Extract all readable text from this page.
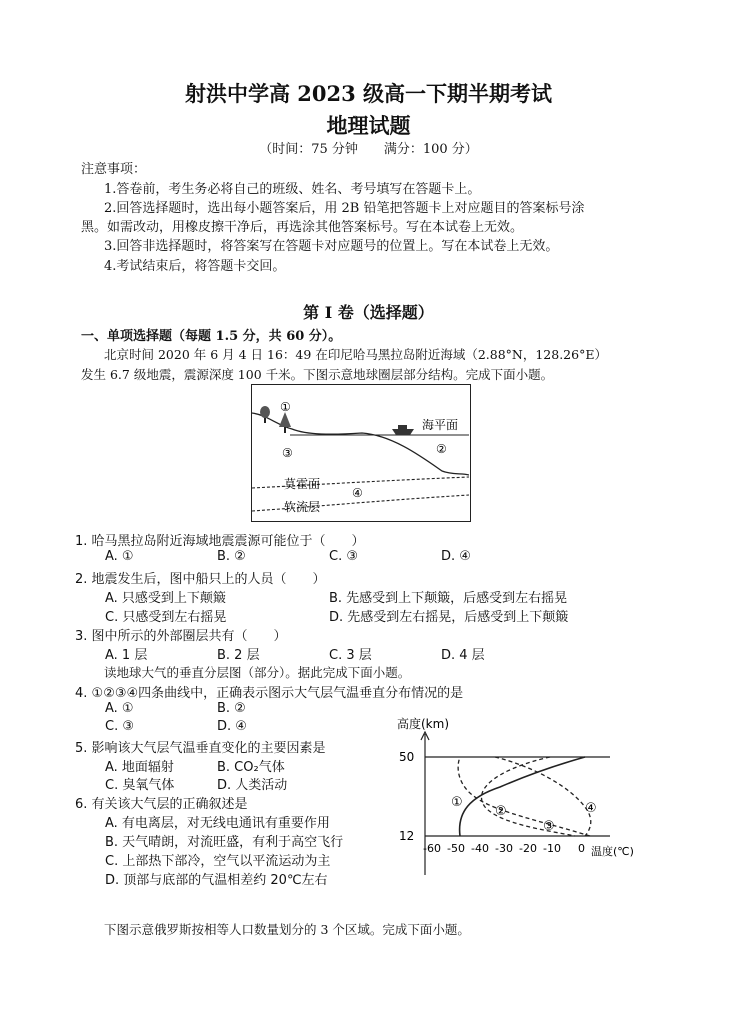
射洪中学高 2023 级高一下期半期考试
地理试题
（时间：75 分钟　　满分：100 分）
注意事项：
1.答卷前，考生务必将自己的班级、姓名、考号填写在答题卡上。
2.回答选择题时，选出每小题答案后，用 2B 铅笔把答题卡上对应题目的答案标号涂
黑。如需改动，用橡皮擦干净后，再选涂其他答案标号。写在本试卷上无效。
3.回答非选择题时，将答案写在答题卡对应题号的位置上。写在本试卷上无效。
4.考试结束后，将答题卡交回。
第 I 卷（选择题）
一、单项选择题（每题 1.5 分，共 60 分）。
北京时间 2020 年 6 月 4 日 16：49 在印尼哈马黑拉岛附近海域（2.88°N，128.26°E）
发生 6.7 级地震，震源深度 100 千米。下图示意地球圈层部分结构。完成下面小题。
①
③	②
④
海平面
莫霍面
软流层
1. 哈马黑拉岛附近海域地震震源可能位于（　　）
A. ①	B. ②	C. ③	D. ④
2. 地震发生后，图中船只上的人员（　　）
A. 只感受到上下颠簸	B. 先感受到上下颠簸，后感受到左右摇晃
C. 只感受到左右摇晃	D. 先感受到左右摇晃，后感受到上下颠簸
3. 图中所示的外部圈层共有（　　）
A. 1 层	B. 2 层	C. 3 层	D. 4 层
读地球大气的垂直分层图（部分）。据此完成下面小题。
4. ①②③④四条曲线中，正确表示图示大气层气温垂直分布情况的是
A. ①	B. ②
C. ③	D. ④
5. 影响该大气层气温垂直变化的主要因素是
A. 地面辐射	B. CO₂气体
C. 臭氧气体	D. 人类活动
6. 有关该大气层的正确叙述是
A. 有电离层，对无线电通讯有重要作用
B. 天气晴朗，对流旺盛，有利于高空飞行
C. 上部热下部冷，空气以平流运动为主
D. 顶部与底部的气温相差约 20℃左右
高度(km)
50
12
-60 -50 -40 -30 -20 -10 0 温度(℃)
①
②
③
④
下图示意俄罗斯按相等人口数量划分的 3 个区域。完成下面小题。
